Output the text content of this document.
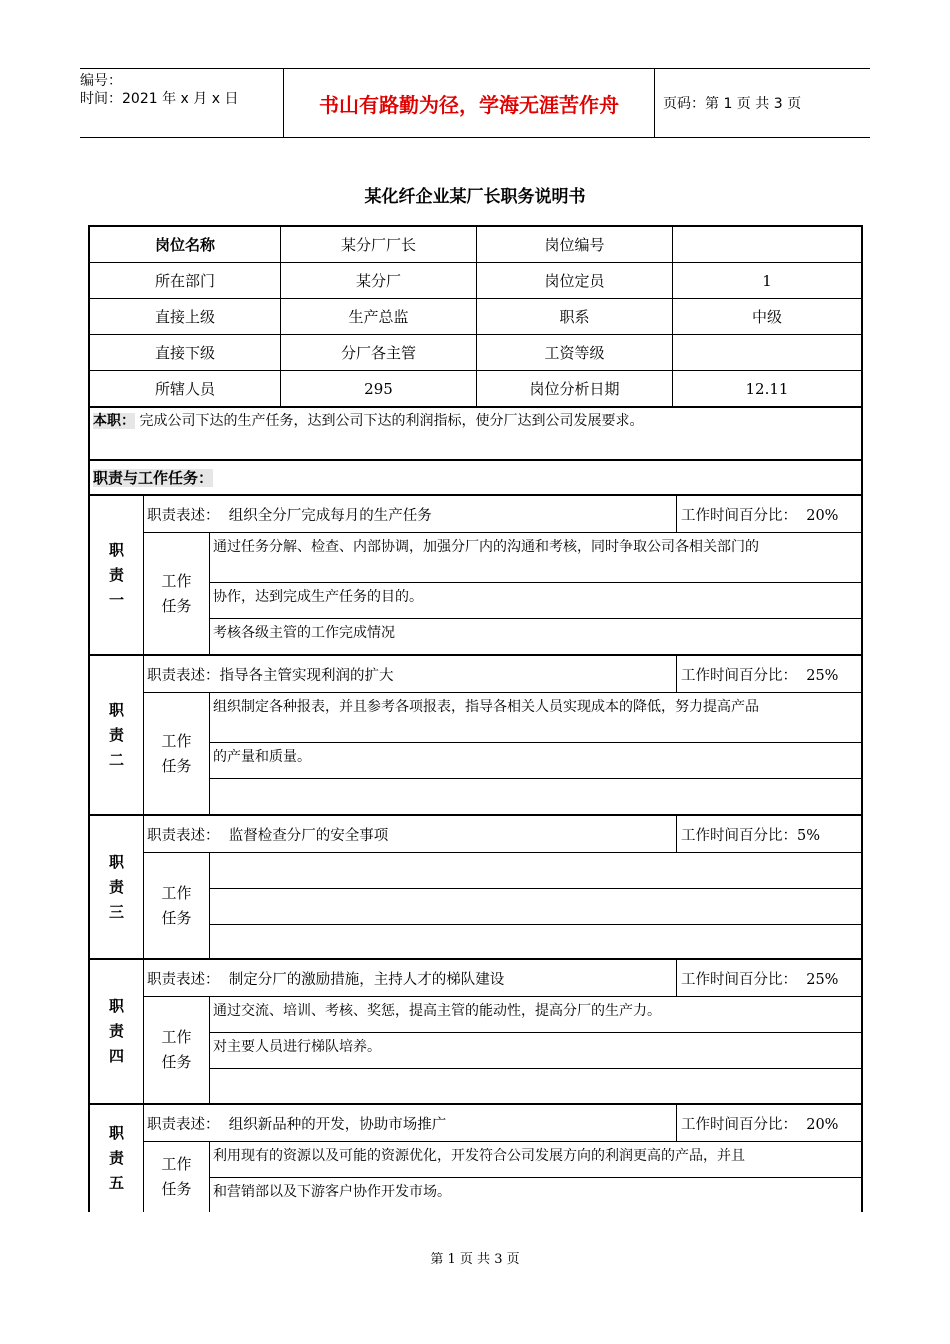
编号：
时间：2021 年 x 月 x 日	书山有路勤为径，学海无涯苦作舟	页码：第 1 页 共 3 页
某化纤企业某厂长职务说明书
岗位名称	某分厂厂长	岗位编号
所在部门	某分厂	岗位定员	1
直接上级	生产总监	职系	中级
直接下级	分厂各主管	工资等级
所辖人员	295	岗位分析日期	12.11
本职： 完成公司下达的生产任务，达到公司下达的利润指标，使分厂达到公司发展要求。
职责与工作任务：
职
责
一
职责表述：  组织全分厂完成每月的生产任务	工作时间百分比：  20%
工作
任务
通过任务分解、检查、内部协调，加强分厂内的沟通和考核，同时争取公司各相关部门的
协作，达到完成生产任务的目的。
考核各级主管的工作完成情况
职
责
二
职责表述：指导各主管实现利润的扩大	工作时间百分比：  25%
工作
任务
组织制定各种报表，并且参考各项报表，指导各相关人员实现成本的降低，努力提高产品
的产量和质量。
职
责
三
职责表述：  监督检查分厂的安全事项	工作时间百分比：5%
工作
任务
职
责
四
职责表述：  制定分厂的激励措施，主持人才的梯队建设	工作时间百分比：  25%
工作
任务
通过交流、培训、考核、奖惩，提高主管的能动性，提高分厂的生产力。
对主要人员进行梯队培养。
职
责
五
职责表述：  组织新品种的开发，协助市场推广	工作时间百分比：  20%
工作
任务
利用现有的资源以及可能的资源优化，开发符合公司发展方向的利润更高的产品，并且
和营销部以及下游客户协作开发市场。
第 1 页 共 3 页
